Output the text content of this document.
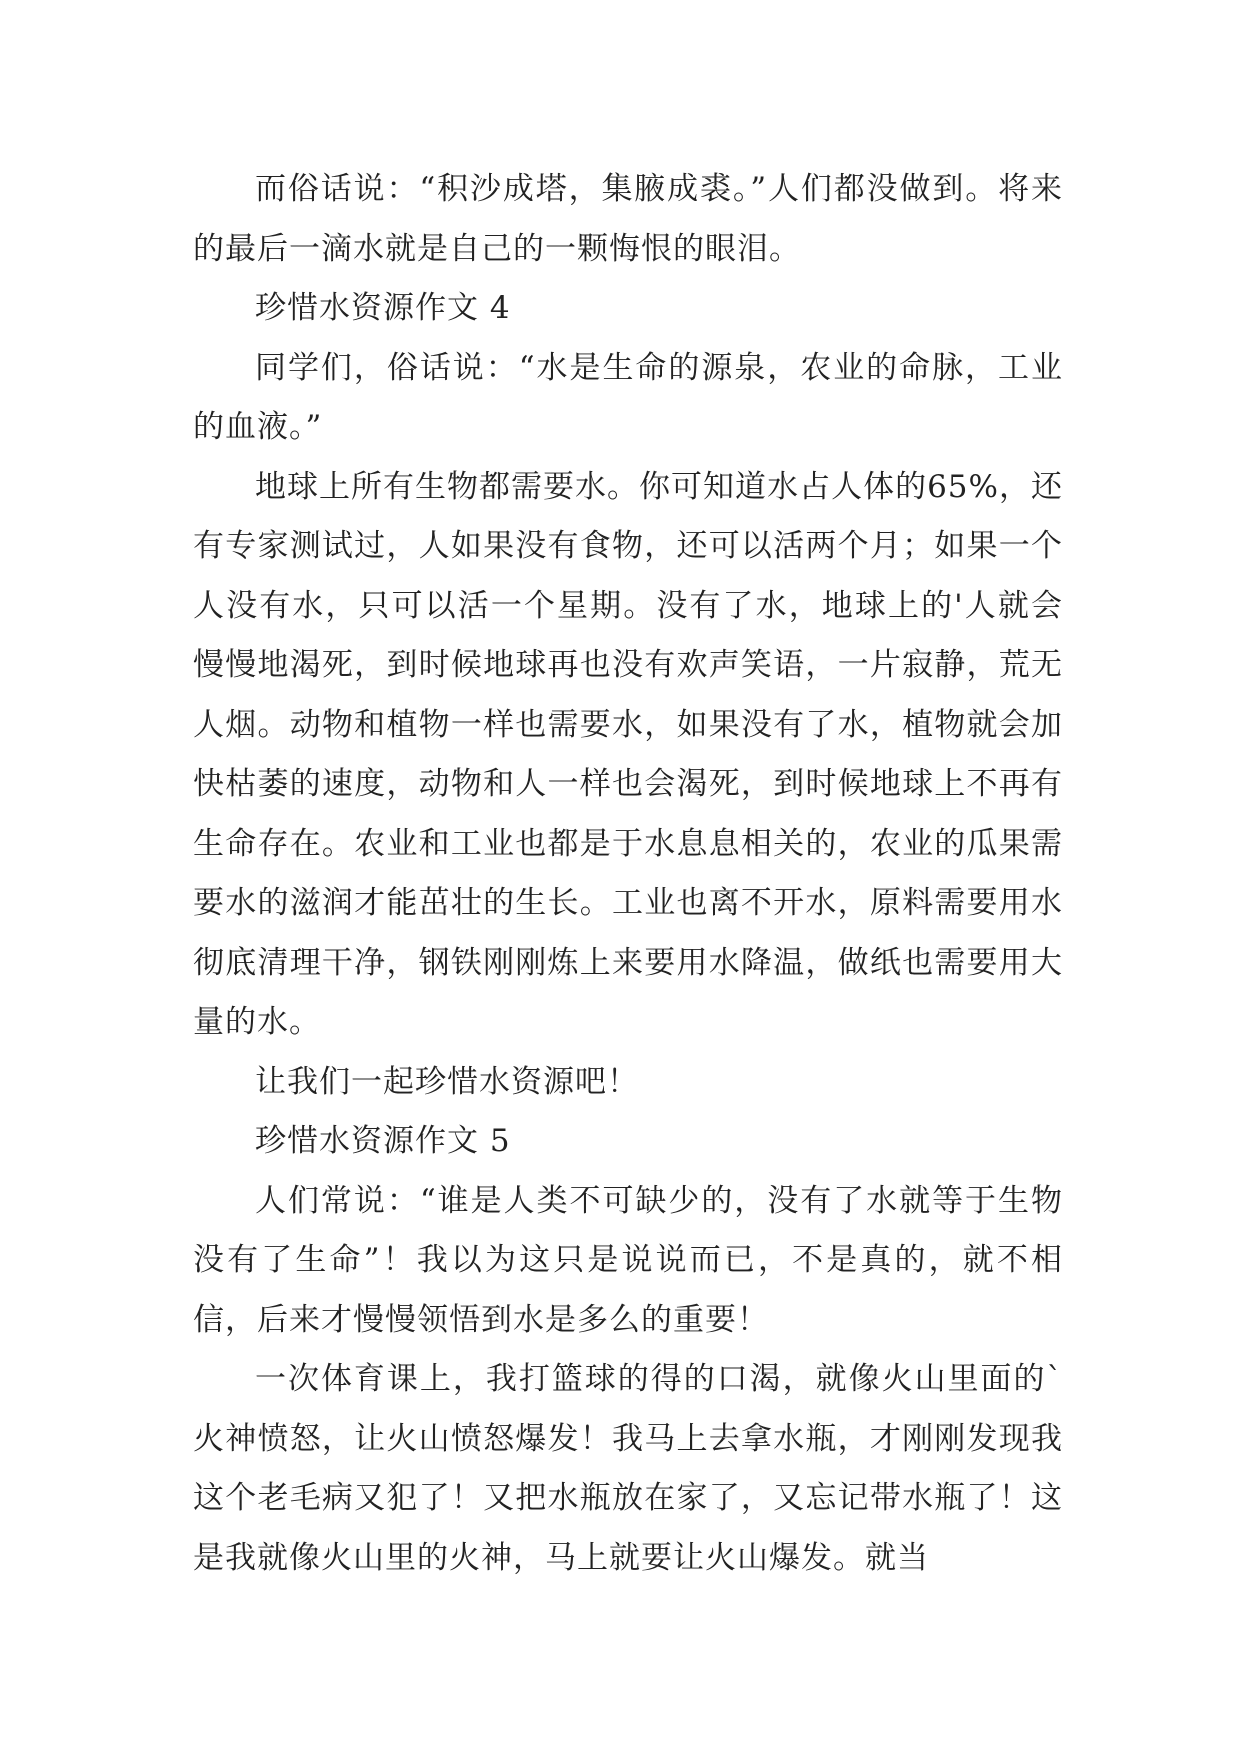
而俗话说：“积沙成塔，集腋成裘。”人们都没做到。将来的最后一滴水就是自己的一颗悔恨的眼泪。

珍惜水资源作文 4

同学们，俗话说：“水是生命的源泉，农业的命脉，工业的血液。”

地球上所有生物都需要水。你可知道水占人体的65%，还有专家测试过，人如果没有食物，还可以活两个月；如果一个人没有水，只可以活一个星期。没有了水，地球上的'人就会慢慢地渴死，到时候地球再也没有欢声笑语，一片寂静，荒无人烟。动物和植物一样也需要水，如果没有了水，植物就会加快枯萎的速度，动物和人一样也会渴死，到时候地球上不再有生命存在。农业和工业也都是于水息息相关的，农业的瓜果需要水的滋润才能茁壮的生长。工业也离不开水，原料需要用水彻底清理干净，钢铁刚刚炼上来要用水降温，做纸也需要用大量的水。

让我们一起珍惜水资源吧！

珍惜水资源作文 5

人们常说：“谁是人类不可缺少的，没有了水就等于生物没有了生命”！我以为这只是说说而已，不是真的，就不相信，后来才慢慢领悟到水是多么的重要！

一次体育课上，我打篮球的得的口渴，就像火山里面的`火神愤怒，让火山愤怒爆发！我马上去拿水瓶，才刚刚发现我这个老毛病又犯了！又把水瓶放在家了，又忘记带水瓶了！这是我就像火山里的火神，马上就要让火山爆发。就当
